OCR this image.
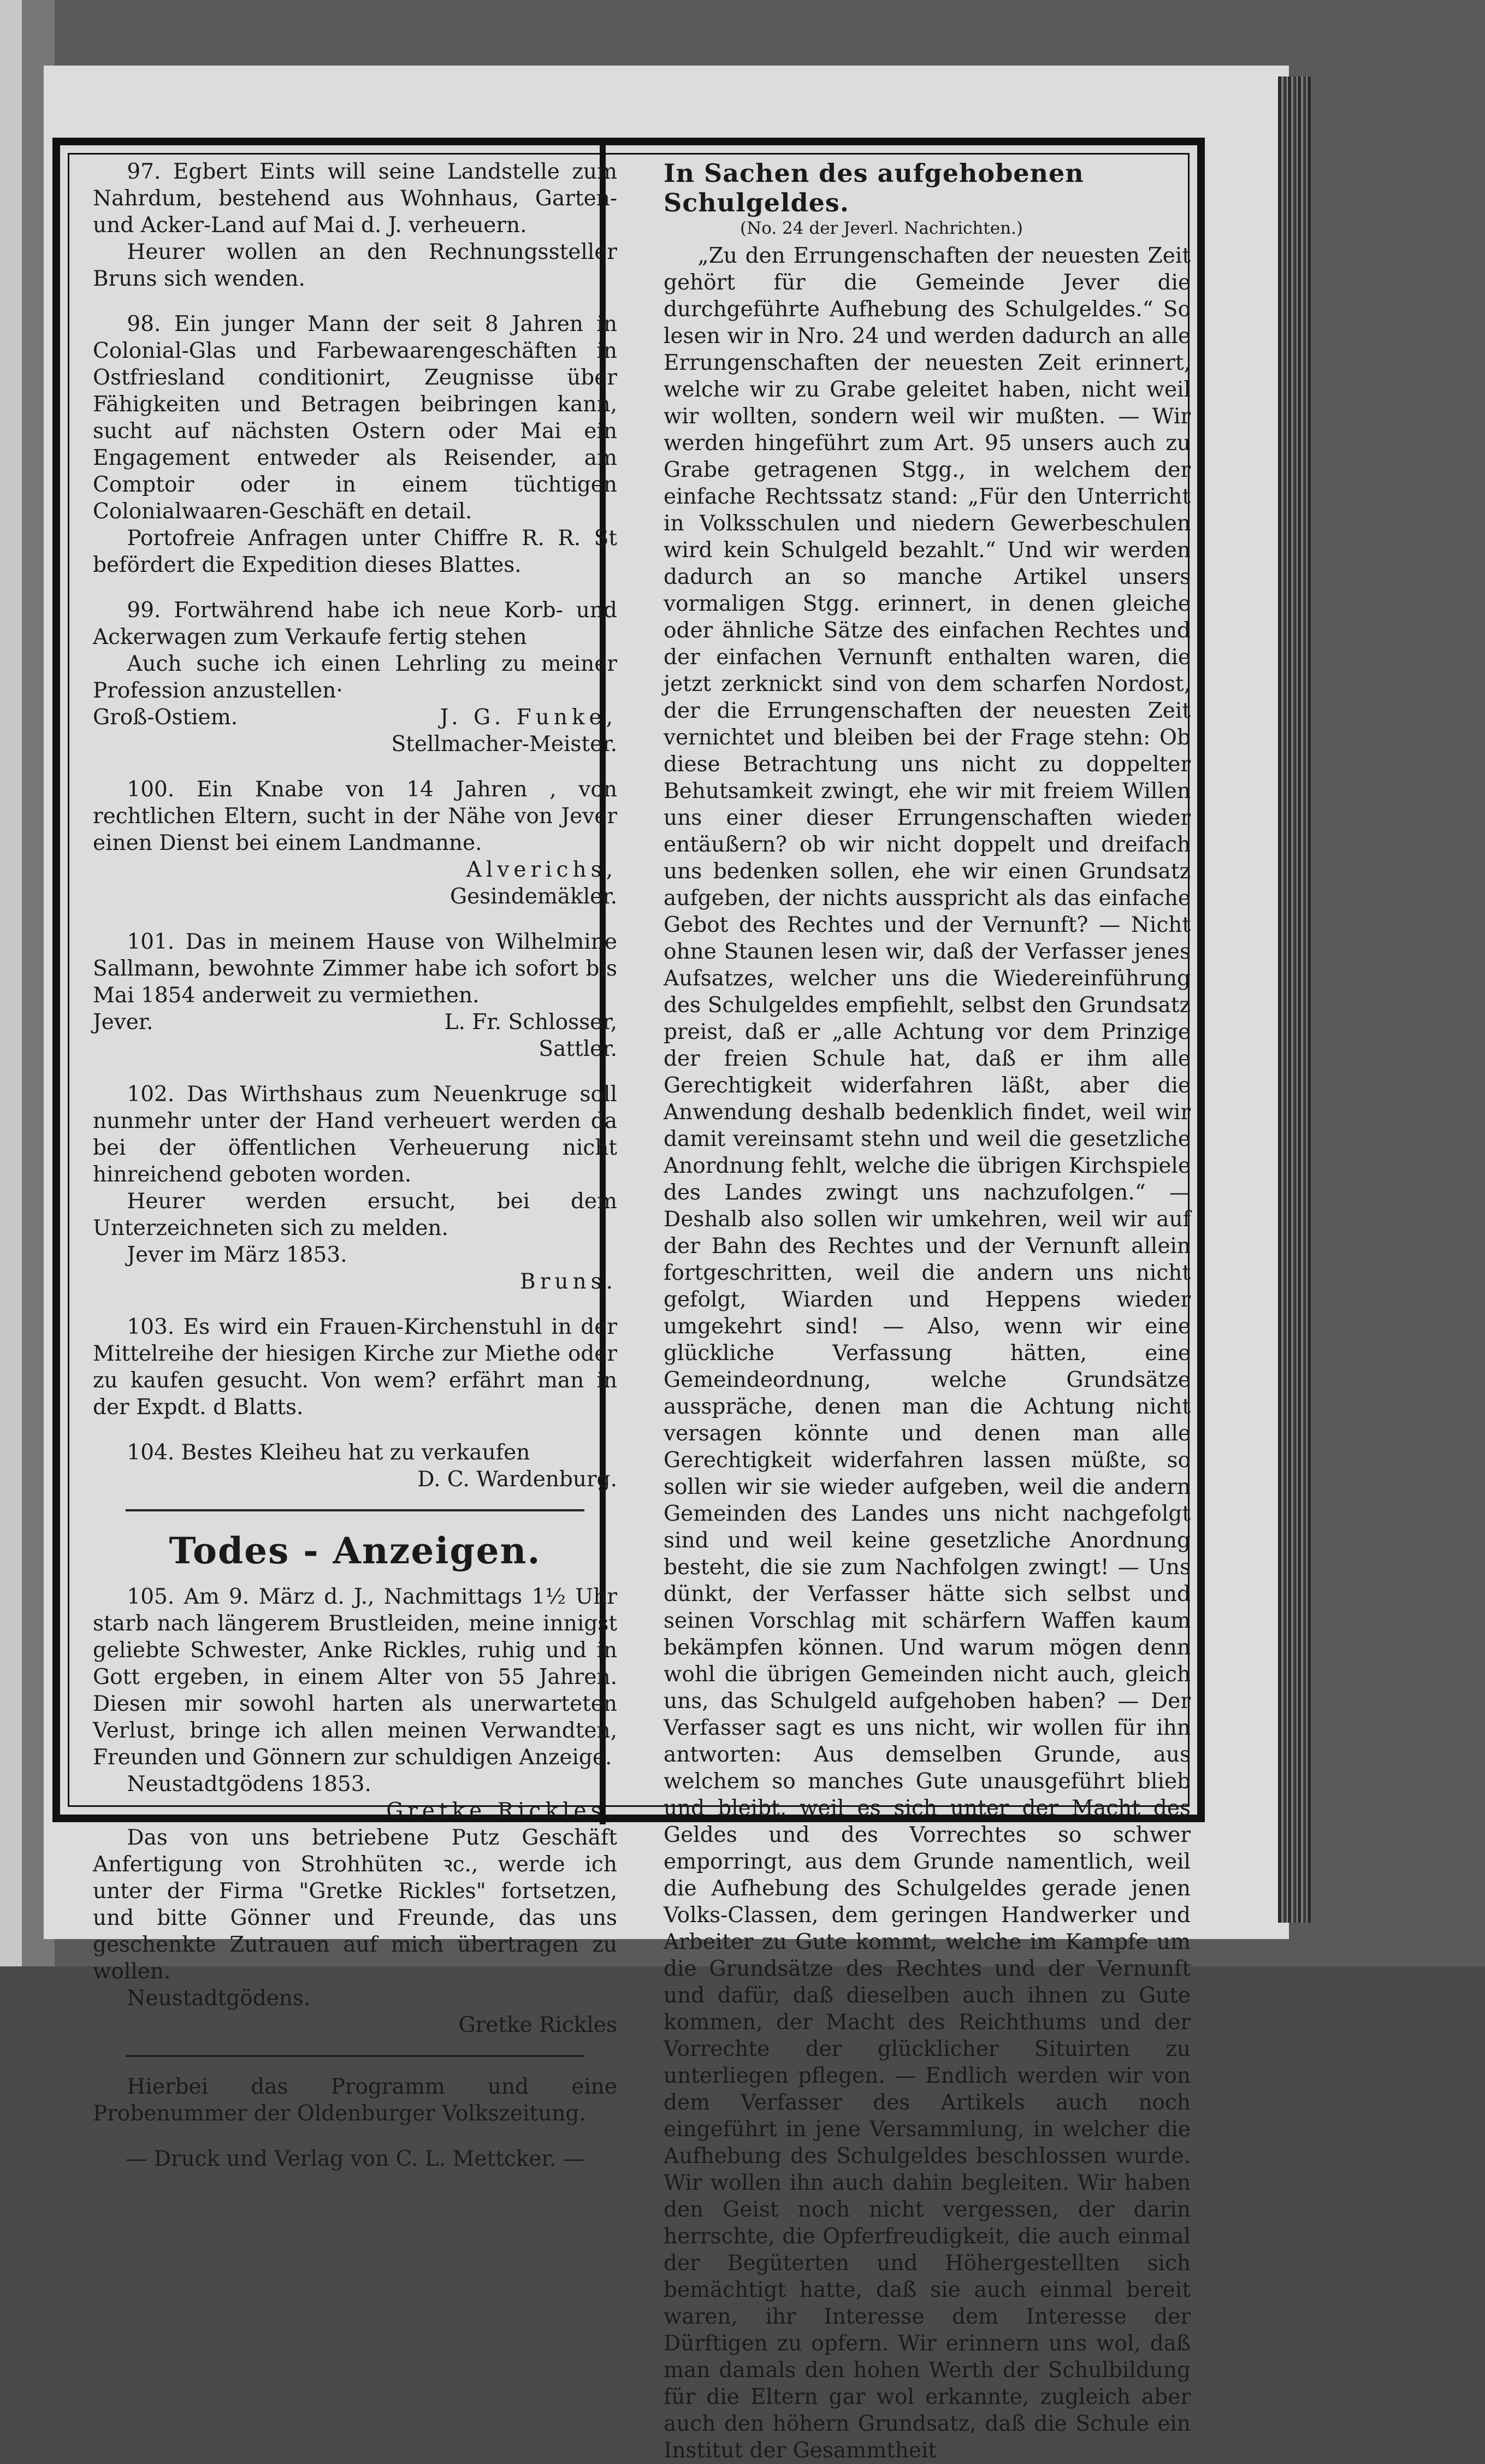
97. Egbert Eints will seine Landstelle zum Nahrdum, bestehend aus Wohnhaus, Garten- und Acker-Land auf Mai d. J. verheuern.

Heurer wollen an den Rechnungssteller Bruns sich wenden.

98. Ein junger Mann der seit 8 Jahren in Colonial-Glas und Farbewaarengeschäften in Ostfriesland conditionirt, Zeugnisse über Fähigkeiten und Betragen beibringen kann, sucht auf nächsten Ostern oder Mai ein Engagement entweder als Reisender, am Comptoir oder in einem tüchtigen Colonialwaaren-Geschäft en detail.

Portofreie Anfragen unter Chiffre R. R. St befördert die Expedition dieses Blattes.

99. Fortwährend habe ich neue Korb- und Ackerwagen zum Verkaufe fertig stehen

Auch suche ich einen Lehrling zu meiner Profession anzustellen·

Groß-Ostiem.	J. G. Funke,

Stellmacher-Meister.

100. Ein Knabe von 14 Jahren , von rechtlichen Eltern, sucht in der Nähe von Jever einen Dienst bei einem Landmanne.

Alverichs,

Gesindemäkler.

101. Das in meinem Hause von Wilhelmine Sallmann, bewohnte Zimmer habe ich sofort bis Mai 1854 anderweit zu vermiethen.

Jever.	L. Fr. Schlosser,

Sattler.

102. Das Wirthshaus zum Neuenkruge soll nunmehr unter der Hand verheuert werden da bei der öffentlichen Verheuerung nicht hinreichend geboten worden.

Heurer werden ersucht, bei dem Unterzeichneten sich zu melden.

Jever im März 1853.

Bruns.

103. Es wird ein Frauen-Kirchenstuhl in der Mittelreihe der hiesigen Kirche zur Miethe oder zu kaufen gesucht. Von wem? erfährt man in der Expdt. d Blatts.

104. Bestes Kleiheu hat zu verkaufen

D. C. Wardenburg.

Todes - Anzeigen.

105. Am 9. März d. J., Nachmittags 1½ Uhr starb nach längerem Brustleiden, meine innigst geliebte Schwester, Anke Rickles, ruhig und in Gott ergeben, in einem Alter von 55 Jahren. Diesen mir sowohl harten als unerwarteten Verlust, bringe ich allen meinen Verwandten, Freunden und Gönnern zur schuldigen Anzeige.

Neustadtgödens 1853.

Gretke Rickles.

Das von uns betriebene Putz Geschäft Anfertigung von Strohhüten ꝛc., werde ich unter der Firma "Gretke Rickles" fortsetzen, und bitte Gönner und Freunde, das uns geschenkte Zutrauen auf mich übertragen zu wollen.

Neustadtgödens.

Gretke Rickles

Hierbei das Programm und eine Probenummer der Oldenburger Volkszeitung.

— Druck und Verlag von C. L. Mettcker. —

In Sachen des aufgehobenen Schulgeldes.

(No. 24 der Jeverl. Nachrichten.)

„Zu den Errungenschaften der neuesten Zeit gehört für die Gemeinde Jever die durchgeführte Aufhebung des Schulgeldes.“ So lesen wir in Nro. 24 und werden dadurch an alle Errungenschaften der neuesten Zeit erinnert, welche wir zu Grabe geleitet haben, nicht weil wir wollten, sondern weil wir mußten. — Wir werden hingeführt zum Art. 95 unsers auch zu Grabe getragenen Stgg., in welchem der einfache Rechtssatz stand: „Für den Unterricht in Volksschulen und niedern Gewerbeschulen wird kein Schulgeld bezahlt.“ Und wir werden dadurch an so manche Artikel unsers vormaligen Stgg. erinnert, in denen gleiche oder ähnliche Sätze des einfachen Rechtes und der einfachen Vernunft enthalten waren, die jetzt zerknickt sind von dem scharfen Nordost, der die Errungenschaften der neuesten Zeit vernichtet und bleiben bei der Frage stehn: Ob diese Betrachtung uns nicht zu doppelter Behutsamkeit zwingt, ehe wir mit freiem Willen uns einer dieser Errungenschaften wieder entäußern? ob wir nicht doppelt und dreifach uns bedenken sollen, ehe wir einen Grundsatz aufgeben, der nichts ausspricht als das einfache Gebot des Rechtes und der Vernunft? — Nicht ohne Staunen lesen wir, daß der Verfasser jenes Aufsatzes, welcher uns die Wiedereinführung des Schulgeldes empfiehlt, selbst den Grundsatz preist, daß er „alle Achtung vor dem Prinzige der freien Schule hat, daß er ihm alle Gerechtigkeit widerfahren läßt, aber die Anwendung deshalb bedenklich findet, weil wir damit vereinsamt stehn und weil die gesetzliche Anordnung fehlt, welche die übrigen Kirchspiele des Landes zwingt uns nachzufolgen.“ — Deshalb also sollen wir umkehren, weil wir auf der Bahn des Rechtes und der Vernunft allein fortgeschritten, weil die andern uns nicht gefolgt, Wiarden und Heppens wieder umgekehrt sind! — Also, wenn wir eine glückliche Verfassung hätten, eine Gemeindeordnung, welche Grundsätze ausspräche, denen man die Achtung nicht versagen könnte und denen man alle Gerechtigkeit widerfahren lassen müßte, so sollen wir sie wieder aufgeben, weil die andern Gemeinden des Landes uns nicht nachgefolgt sind und weil keine gesetzliche Anordnung besteht, die sie zum Nachfolgen zwingt! — Uns dünkt, der Verfasser hätte sich selbst und seinen Vorschlag mit schärfern Waffen kaum bekämpfen können. Und warum mögen denn wohl die übrigen Gemeinden nicht auch, gleich uns, das Schulgeld aufgehoben haben? — Der Verfasser sagt es uns nicht, wir wollen für ihn antworten: Aus demselben Grunde, aus welchem so manches Gute unausgeführt blieb und bleibt, weil es sich unter der Macht des Geldes und des Vorrechtes so schwer emporringt, aus dem Grunde namentlich, weil die Aufhebung des Schulgeldes gerade jenen Volks-Classen, dem geringen Handwerker und Arbeiter zu Gute kommt, welche im Kampfe um die Grundsätze des Rechtes und der Vernunft und dafür, daß dieselben auch ihnen zu Gute kommen, der Macht des Reichthums und der Vorrechte der glücklicher Situirten zu unterliegen pflegen. — Endlich werden wir von dem Verfasser des Artikels auch noch eingeführt in jene Versammlung, in welcher die Aufhebung des Schulgeldes beschlossen wurde. Wir wollen ihn auch dahin begleiten. Wir haben den Geist noch nicht vergessen, der darin herrschte, die Opferfreudigkeit, die auch einmal der Begüterten und Höhergestellten sich bemächtigt hatte, daß sie auch einmal bereit waren, ihr Interesse dem Interesse der Dürftigen zu opfern. Wir erinnern uns wol, daß man damals den hohen Werth der Schulbildung für die Eltern gar wol erkannte, zugleich aber auch den höhern Grundsatz, daß die Schule ein Institut der Gesammtheit
